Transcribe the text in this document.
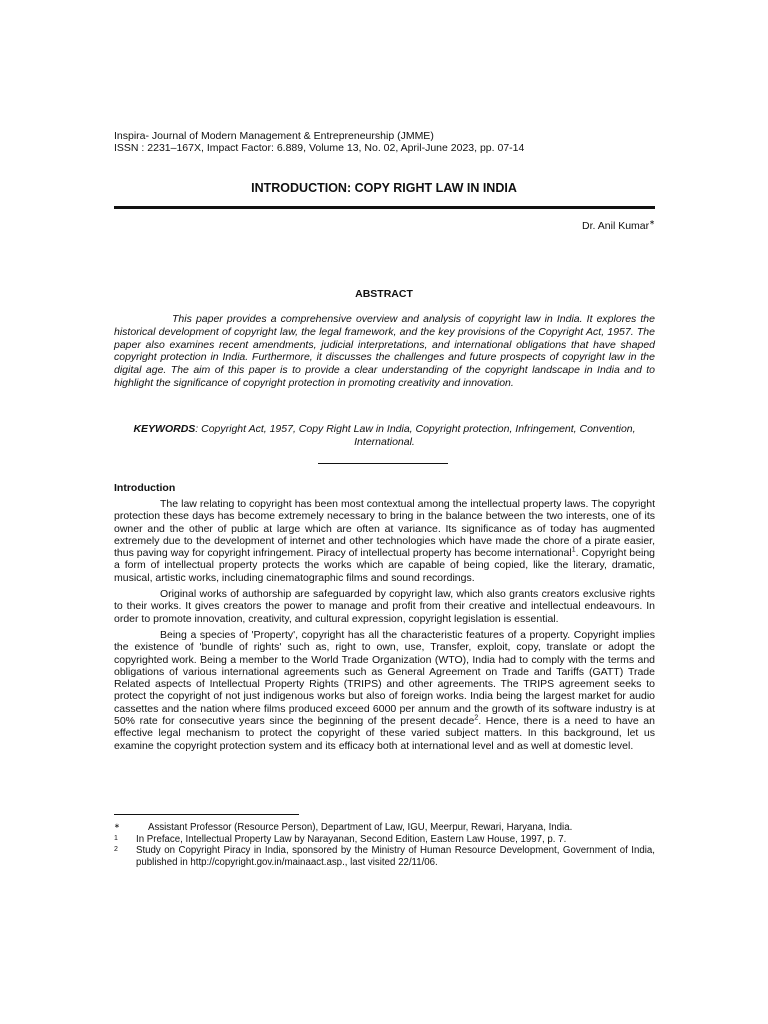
Inspira- Journal of Modern Management & Entrepreneurship (JMME)
ISSN : 2231–167X, Impact Factor: 6.889, Volume 13, No. 02, April-June 2023, pp. 07-14
INTRODUCTION: COPY RIGHT LAW IN INDIA
Dr. Anil Kumar∗
ABSTRACT
This paper provides a comprehensive overview and analysis of copyright law in India. It explores the historical development of copyright law, the legal framework, and the key provisions of the Copyright Act, 1957. The paper also examines recent amendments, judicial interpretations, and international obligations that have shaped copyright protection in India. Furthermore, it discusses the challenges and future prospects of copyright law in the digital age. The aim of this paper is to provide a clear understanding of the copyright landscape in India and to highlight the significance of copyright protection in promoting creativity and innovation.
KEYWORDS: Copyright Act, 1957, Copy Right Law in India, Copyright protection, Infringement, Convention, International.
Introduction

The law relating to copyright has been most contextual among the intellectual property laws. The copyright protection these days has become extremely necessary to bring in the balance between the two interests, one of its owner and the other of public at large which are often at variance. Its significance as of today has augmented extremely due to the development of internet and other technologies which have made the chore of a pirate easier, thus paving way for copyright infringement. Piracy of intellectual property has become international$^1$. Copyright being a form of intellectual property protects the works which are capable of being copied, like the literary, dramatic, musical, artistic works, including cinematographic films and sound recordings.

Original works of authorship are safeguarded by copyright law, which also grants creators exclusive rights to their works. It gives creators the power to manage and profit from their creative and intellectual endeavours. In order to promote innovation, creativity, and cultural expression, copyright legislation is essential.

Being a species of 'Property', copyright has all the characteristic features of a property. Copyright implies the existence of 'bundle of rights' such as, right to own, use, Transfer, exploit, copy, translate or adopt the copyrighted work. Being a member to the World Trade Organization (WTO), India had to comply with the terms and obligations of various international agreements such as General Agreement on Trade and Tariffs (GATT) Trade Related aspects of Intellectual Property Rights (TRIPS) and other agreements. The TRIPS agreement seeks to protect the copyright of not just indigenous works but also of foreign works. India being the largest market for audio cassettes and the nation where films produced exceed 6000 per annum and the growth of its software industry is at 50% rate for consecutive years since the beginning of the present decade$^2$. Hence, there is a need to have an effective legal mechanism to protect the copyright of these varied subject matters. In this background, let us examine the copyright protection system and its efficacy both at international level and as well at domestic level.

∗	Assistant Professor (Resource Person), Department of Law, IGU, Meerpur, Rewari, Haryana, India.
1	In Preface, Intellectual Property Law by Narayanan, Second Edition, Eastern Law House, 1997, p. 7.
2	Study on Copyright Piracy in India, sponsored by the Ministry of Human Resource Development, Government of India, published in http://copyright.gov.in/mainaact.asp., last visited 22/11/06.
